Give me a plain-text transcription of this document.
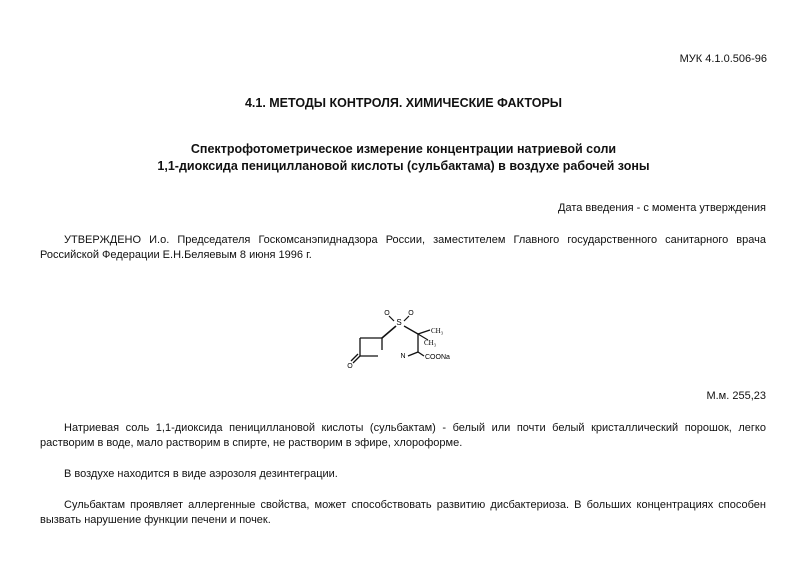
МУК 4.1.0.506-96
4.1. МЕТОДЫ КОНТРОЛЯ. ХИМИЧЕСКИЕ ФАКТОРЫ
Спектрофотометрическое измерение концентрации натриевой соли
1,1-диоксида пенициллановой кислоты (сульбактама) в воздухе рабочей зоны
Дата введения - с момента утверждения

УТВЕРЖДЕНО И.о. Председателя Госкомсанэпиднадзора России, заместителем Главного государственного санитарного врача Российской Федерации Е.Н.Беляевым 8 июня 1996 г.

O
S
O
CH₃
CH₃
N	COONa
O
М.м. 255,23

Натриевая соль 1,1-диоксида пенициллановой кислоты (сульбактам) - белый или почти белый кристаллический порошок, легко растворим в воде, мало растворим в спирте, не растворим в эфире, хлороформе.

В воздухе находится в виде аэрозоля дезинтеграции.

Сульбактам проявляет аллергенные свойства, может способствовать развитию дисбактериоза. В больших концентрациях способен вызвать нарушение функции печени и почек.
